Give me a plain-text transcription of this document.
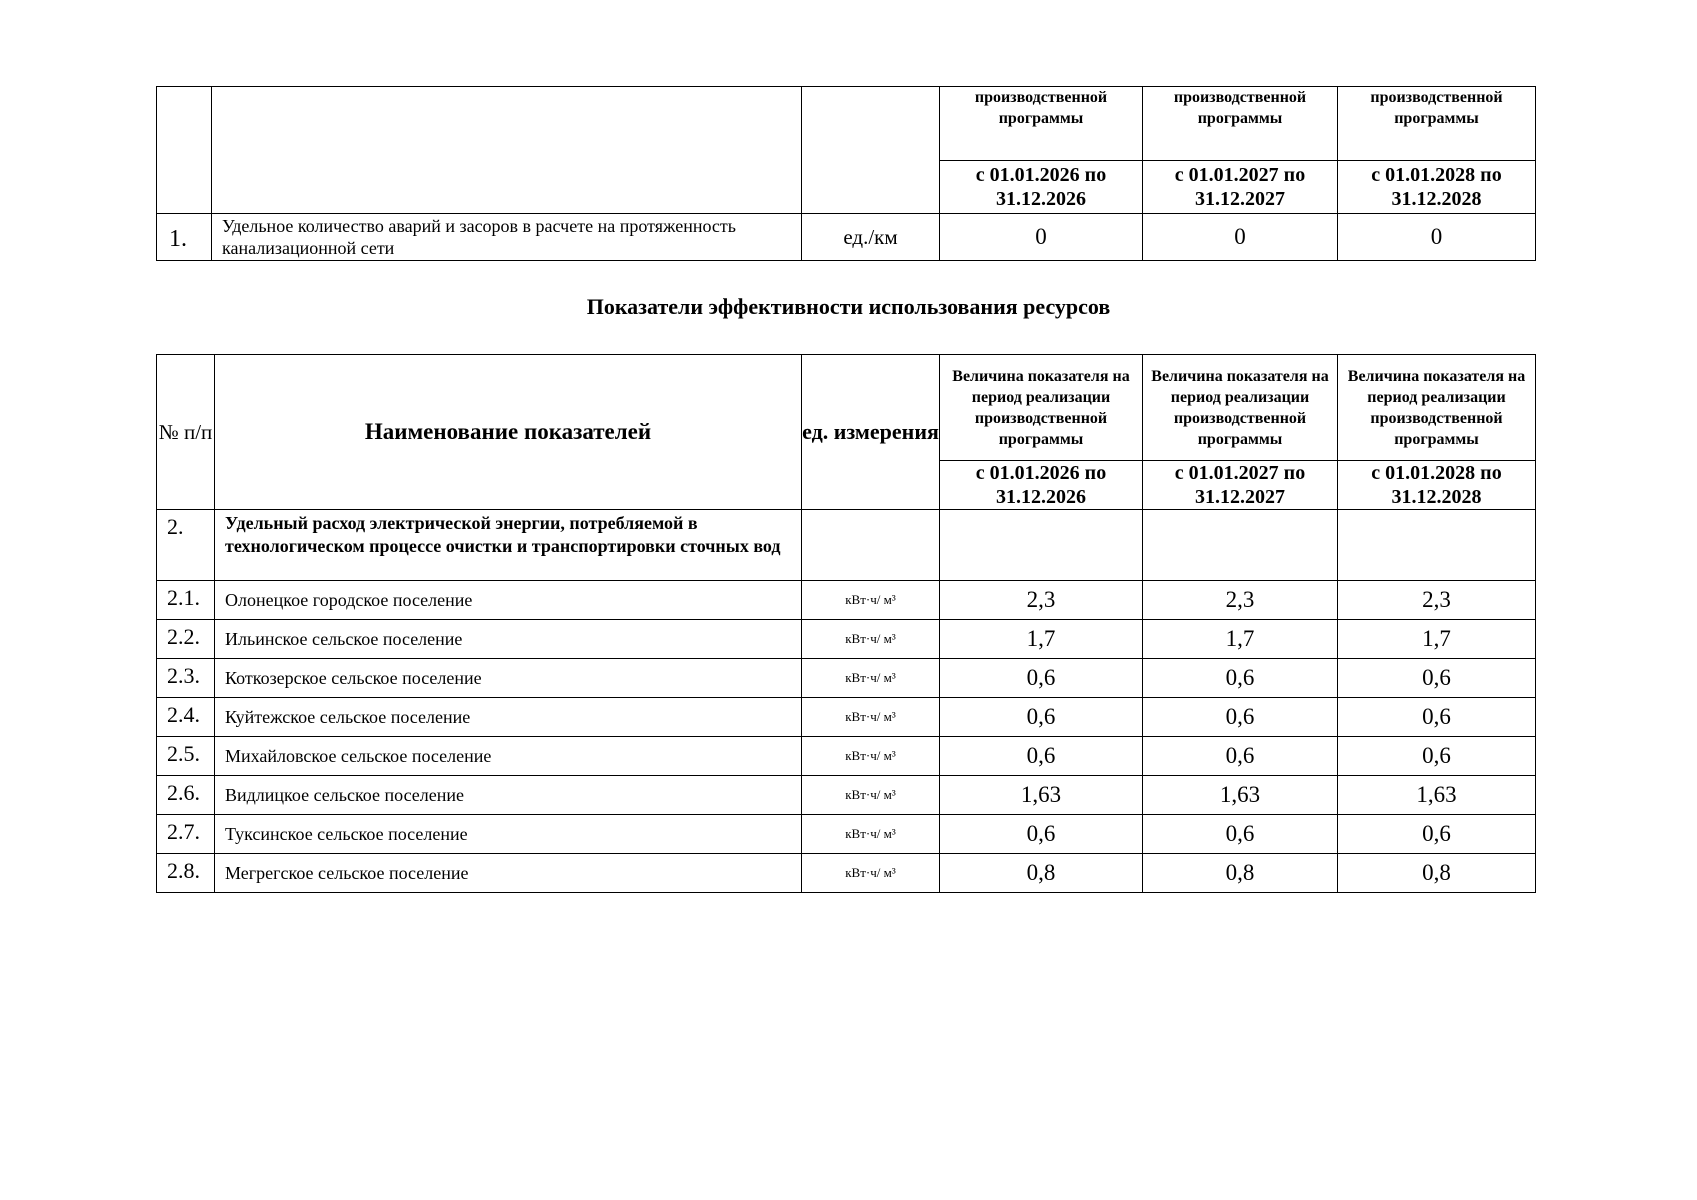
			производственной программы	производственной программы	производственной программы
			с 01.01.2026 по 31.12.2026	с 01.01.2027 по 31.12.2027	с 01.01.2028 по 31.12.2028
1.	Удельное количество аварий и засоров в расчете на протяженность канализационной сети	ед./км	0	0	0
Показатели эффективности использования ресурсов
№ п/п	Наименование показателей	ед. измерения	Величина показателя на период реализации производственной программы	Величина показателя на период реализации производственной программы	Величина показателя на период реализации производственной программы
			с 01.01.2026 по 31.12.2026	с 01.01.2027 по 31.12.2027	с 01.01.2028 по 31.12.2028
2.	Удельный расход электрической энергии, потребляемой в технологическом процессе очистки и транспортировки сточных вод				
2.1.	Олонецкое городское поселение	кВт·ч/ м³	2,3	2,3	2,3
2.2.	Ильинское сельское поселение	кВт·ч/ м³	1,7	1,7	1,7
2.3.	Коткозерское сельское поселение	кВт·ч/ м³	0,6	0,6	0,6
2.4.	Куйтежское сельское поселение	кВт·ч/ м³	0,6	0,6	0,6
2.5.	Михайловское сельское поселение	кВт·ч/ м³	0,6	0,6	0,6
2.6.	Видлицкое сельское поселение	кВт·ч/ м³	1,63	1,63	1,63
2.7.	Туксинское сельское поселение	кВт·ч/ м³	0,6	0,6	0,6
2.8.	Мегрегское сельское поселение	кВт·ч/ м³	0,8	0,8	0,8
